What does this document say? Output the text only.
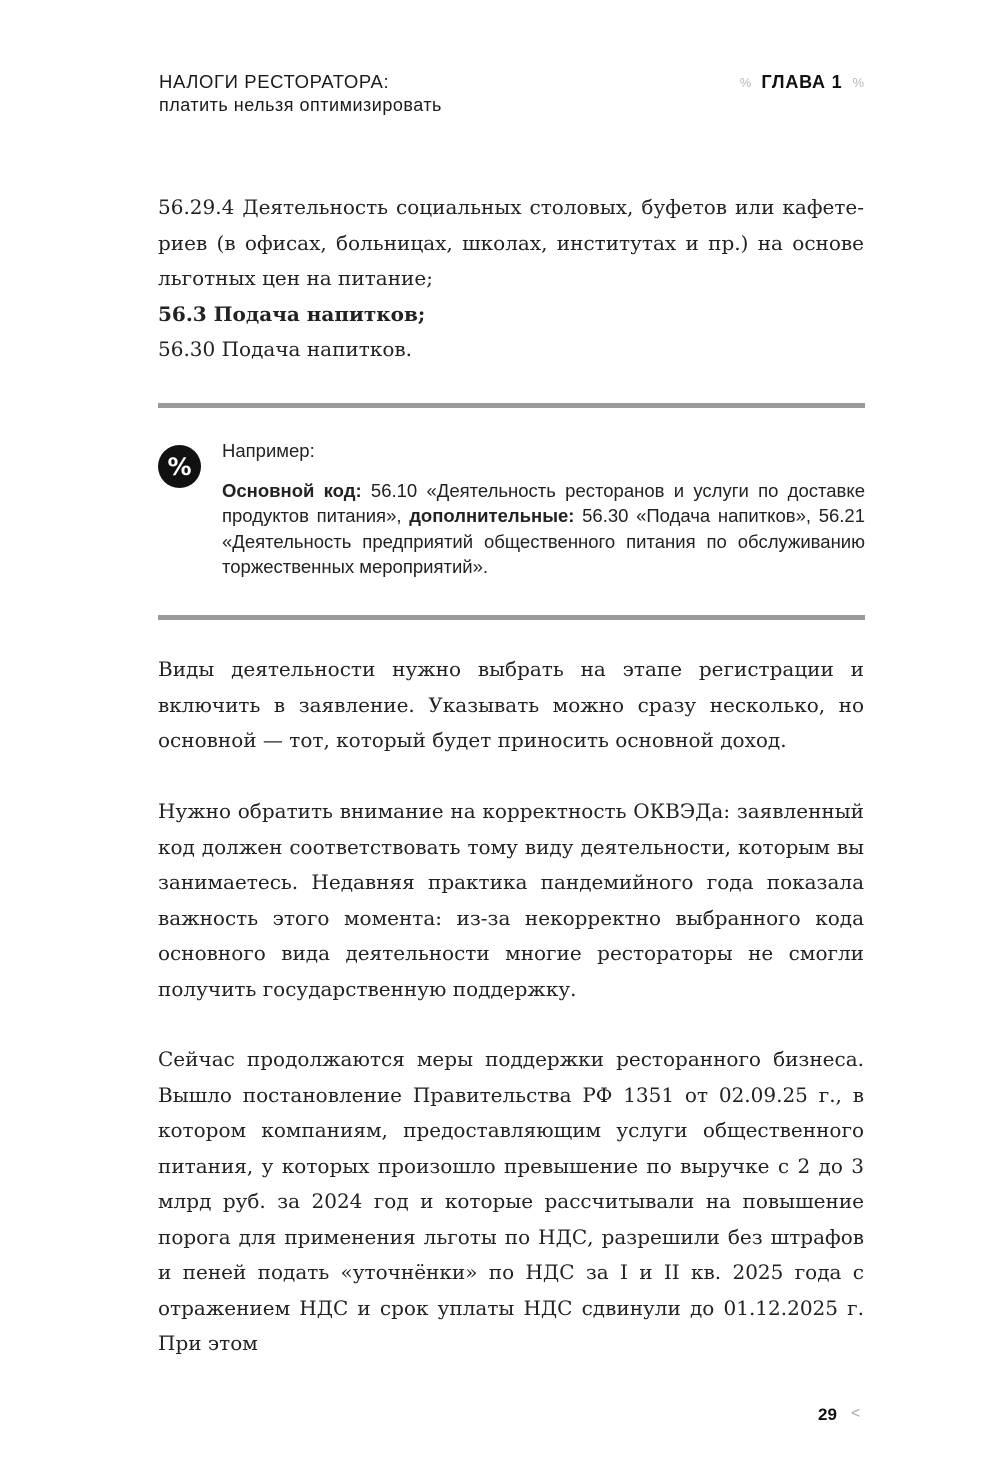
НАЛОГИ РЕСТОРАТОРА:
платить нельзя оптимизировать
% ГЛАВА 1 %
56.29.4 Деятельность социальных столовых, буфетов или кафете-
риев (в офисах, больницах, школах, институтах и пр.) на основе
льготных цен на питание;
56.3 Подача напитков;
56.30 Подача напитков.
%
Например:

Основной код: 56.10 «Деятельность ресторанов и услуги по доставке продуктов питания», дополнительные: 56.30 «Подача напитков», 56.21 «Деятельность предприятий общественного питания по обслуживанию торжественных мероприятий».

Виды деятельности нужно выбрать на этапе регистрации и включить в заявление. Указывать можно сразу несколько, но основной — тот, который будет приносить основной доход.

Нужно обратить внимание на корректность ОКВЭДа: заявленный код должен соответствовать тому виду деятельности, которым вы занимаетесь. Недавняя практика пандемийного года показала важность этого момента: из-за некорректно выбранного кода основного вида деятельности многие рестораторы не смогли получить государственную поддержку.

Сейчас продолжаются меры поддержки ресторанного бизнеса. Вышло постановление Правительства РФ 1351 от 02.09.25 г., в котором компаниям, предоставляющим услуги общественного питания, у которых произошло превышение по выручке с 2 до 3 млрд руб. за 2024 год и которые рассчитывали на повышение порога для применения льготы по НДС, разрешили без штрафов и пеней подать «уточнёнки» по НДС за I и II кв. 2025 года с отражением НДС и срок уплаты НДС сдвинули до 01.12.2025 г. При этом

29 <
